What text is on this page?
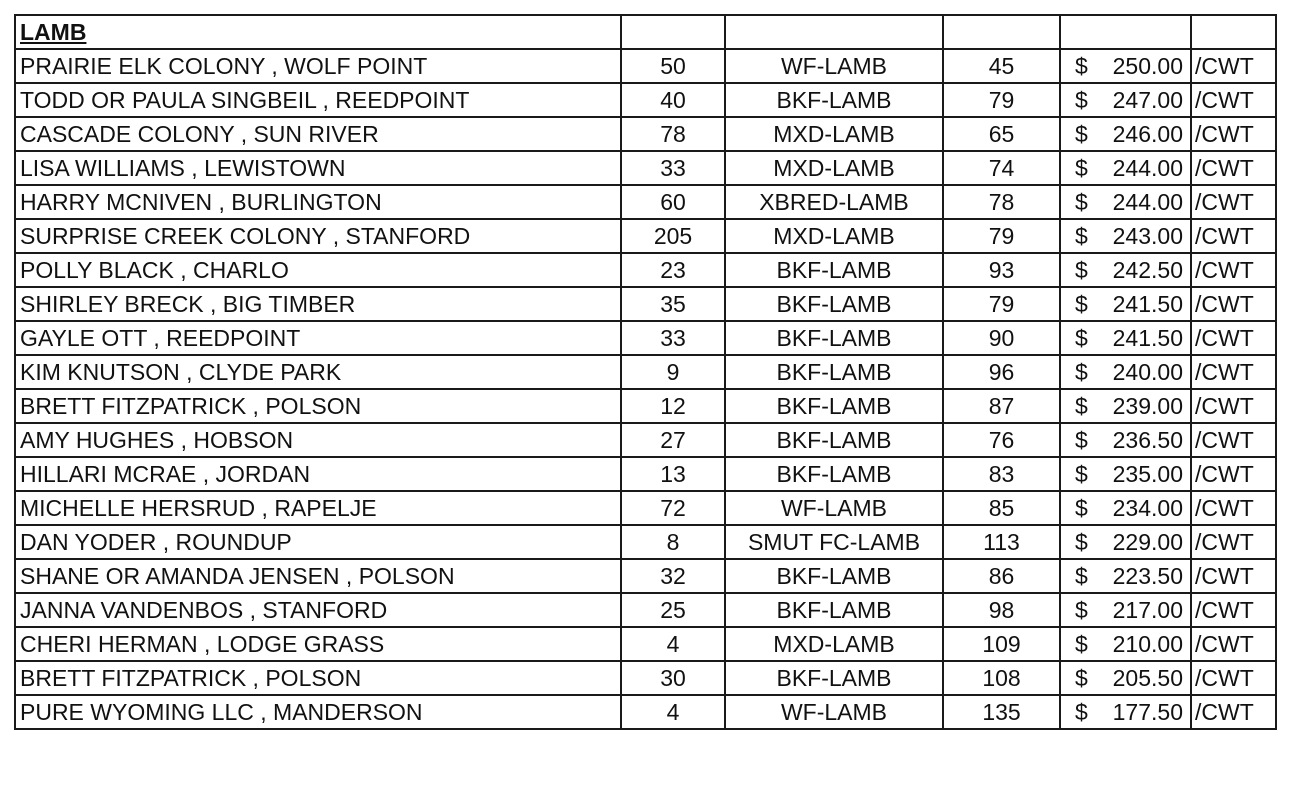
LAMB					
PRAIRIE ELK COLONY , WOLF POINT	50	WF-LAMB	45	$ 250.00	/CWT
TODD OR PAULA SINGBEIL , REEDPOINT	40	BKF-LAMB	79	$ 247.00	/CWT
CASCADE COLONY , SUN RIVER	78	MXD-LAMB	65	$ 246.00	/CWT
LISA WILLIAMS , LEWISTOWN	33	MXD-LAMB	74	$ 244.00	/CWT
HARRY MCNIVEN , BURLINGTON	60	XBRED-LAMB	78	$ 244.00	/CWT
SURPRISE CREEK COLONY , STANFORD	205	MXD-LAMB	79	$ 243.00	/CWT
POLLY BLACK , CHARLO	23	BKF-LAMB	93	$ 242.50	/CWT
SHIRLEY BRECK , BIG TIMBER	35	BKF-LAMB	79	$ 241.50	/CWT
GAYLE OTT , REEDPOINT	33	BKF-LAMB	90	$ 241.50	/CWT
KIM KNUTSON , CLYDE PARK	9	BKF-LAMB	96	$ 240.00	/CWT
BRETT FITZPATRICK , POLSON	12	BKF-LAMB	87	$ 239.00	/CWT
AMY HUGHES , HOBSON	27	BKF-LAMB	76	$ 236.50	/CWT
HILLARI MCRAE , JORDAN	13	BKF-LAMB	83	$ 235.00	/CWT
MICHELLE HERSRUD , RAPELJE	72	WF-LAMB	85	$ 234.00	/CWT
DAN YODER , ROUNDUP	8	SMUT FC-LAMB	113	$ 229.00	/CWT
SHANE OR AMANDA JENSEN , POLSON	32	BKF-LAMB	86	$ 223.50	/CWT
JANNA VANDENBOS , STANFORD	25	BKF-LAMB	98	$ 217.00	/CWT
CHERI HERMAN , LODGE GRASS	4	MXD-LAMB	109	$ 210.00	/CWT
BRETT FITZPATRICK , POLSON	30	BKF-LAMB	108	$ 205.50	/CWT
PURE WYOMING LLC , MANDERSON	4	WF-LAMB	135	$ 177.50	/CWT
